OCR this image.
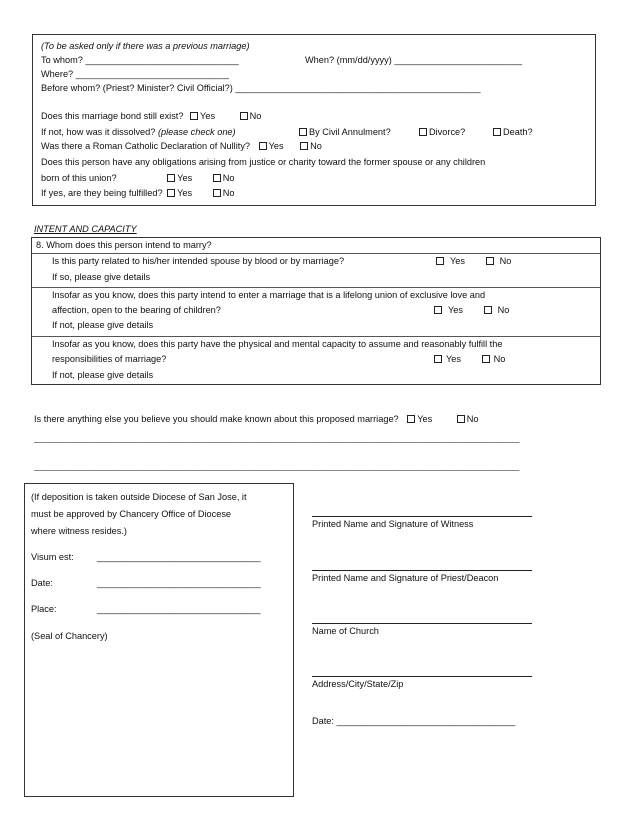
(To be asked only if there was a previous marriage)
To whom? ______________________________	When? (mm/dd/yyyy) _________________________
Where? ______________________________
Before whom? (Priest? Minister? Civil Official?) ________________________________________________
Does this marriage bond still exist? Yes	No
If not, how was it dissolved? (please check one)	By Civil Annulment?	Divorce?	Death?
Was there a Roman Catholic Declaration of Nullity? Yes	No
Does this person have any obligations arising from justice or charity toward the former spouse or any children
born of this union?	Yes	No
If yes, are they being fulfilled? Yes	No
INTENT AND CAPACITY
8. Whom does this person intend to marry?
Is this party related to his/her intended spouse by blood or by marriage?	Yes	No
If so, please give details
Insofar as you know, does this party intend to enter a marriage that is a lifelong union of exclusive love and
affection, open to the bearing of children?	Yes	No
If not, please give details
Insofar as you know, does this party have the physical and mental capacity to assume and reasonably fulfill the
responsibilities of marriage?	Yes	No
If not, please give details
Is there anything else you believe you should make known about this proposed marriage? Yes	No
_______________________________________________________________________________________________
_______________________________________________________________________________________________
(If deposition is taken outside Diocese of San Jose, it
must be approved by Chancery Office of Diocese
where witness resides.)
Visum est:	________________________________
Date:	________________________________
Place:	________________________________
(Seal of Chancery)
Printed Name and Signature of Witness
Printed Name and Signature of Priest/Deacon
Name of Church
Address/City/State/Zip
Date: ___________________________________
